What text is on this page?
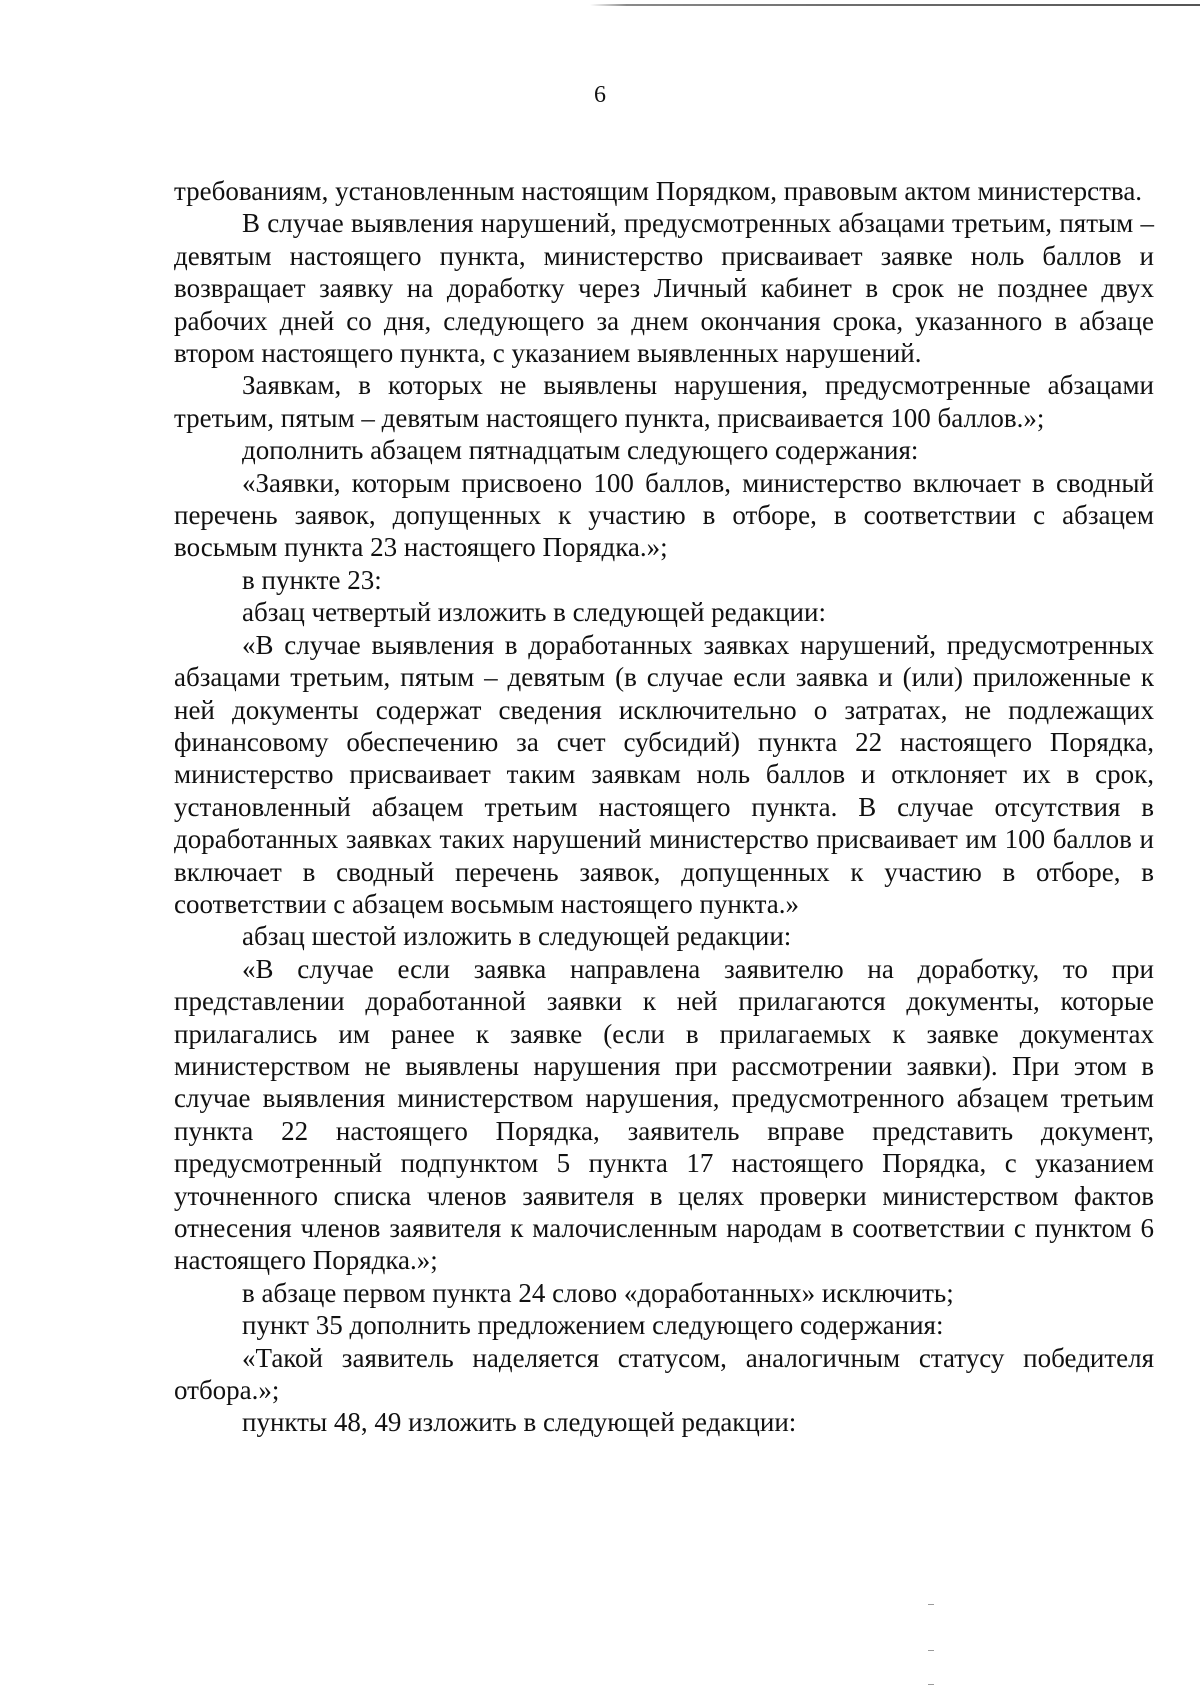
6

требованиям, установленным настоящим Порядком, правовым актом министерства.

В случае выявления нарушений, предусмотренных абзацами третьим, пятым – девятым настоящего пункта, министерство присваивает заявке ноль баллов и возвращает заявку на доработку через Личный кабинет в срок не позднее двух рабочих дней со дня, следующего за днем окончания срока, указанного в абзаце втором настоящего пункта, с указанием выявленных нарушений.

Заявкам, в которых не выявлены нарушения, предусмотренные абзацами третьим, пятым – девятым настоящего пункта, присваивается 100 баллов.»;

дополнить абзацем пятнадцатым следующего содержания:

«Заявки, которым присвоено 100 баллов, министерство включает в сводный перечень заявок, допущенных к участию в отборе, в соответствии с абзацем восьмым пункта 23 настоящего Порядка.»;

в пункте 23:

абзац четвертый изложить в следующей редакции:

«В случае выявления в доработанных заявках нарушений, предусмотренных абзацами третьим, пятым – девятым (в случае если заявка и (или) приложенные к ней документы содержат сведения исключительно о затратах, не подлежащих финансовому обеспечению за счет субсидий) пункта 22 настоящего Порядка, министерство присваивает таким заявкам ноль баллов и отклоняет их в срок, установленный абзацем третьим настоящего пункта. В случае отсутствия в доработанных заявках таких нарушений министерство присваивает им 100 баллов и включает в сводный перечень заявок, допущенных к участию в отборе, в соответствии с абзацем восьмым настоящего пункта.»

абзац шестой изложить в следующей редакции:

«В случае если заявка направлена заявителю на доработку, то при представлении доработанной заявки к ней прилагаются документы, которые прилагались им ранее к заявке (если в прилагаемых к заявке документах министерством не выявлены нарушения при рассмотрении заявки). При этом в случае выявления министерством нарушения, предусмотренного абзацем третьим пункта 22 настоящего Порядка, заявитель вправе представить документ, предусмотренный подпунктом 5 пункта 17 настоящего Порядка, с указанием уточненного списка членов заявителя в целях проверки министерством фактов отнесения членов заявителя к малочисленным народам в соответствии с пунктом 6 настоящего Порядка.»;

в абзаце первом пункта 24 слово «доработанных» исключить;

пункт 35 дополнить предложением следующего содержания:

«Такой заявитель наделяется статусом, аналогичным статусу победителя отбора.»;

пункты 48, 49 изложить в следующей редакции:
